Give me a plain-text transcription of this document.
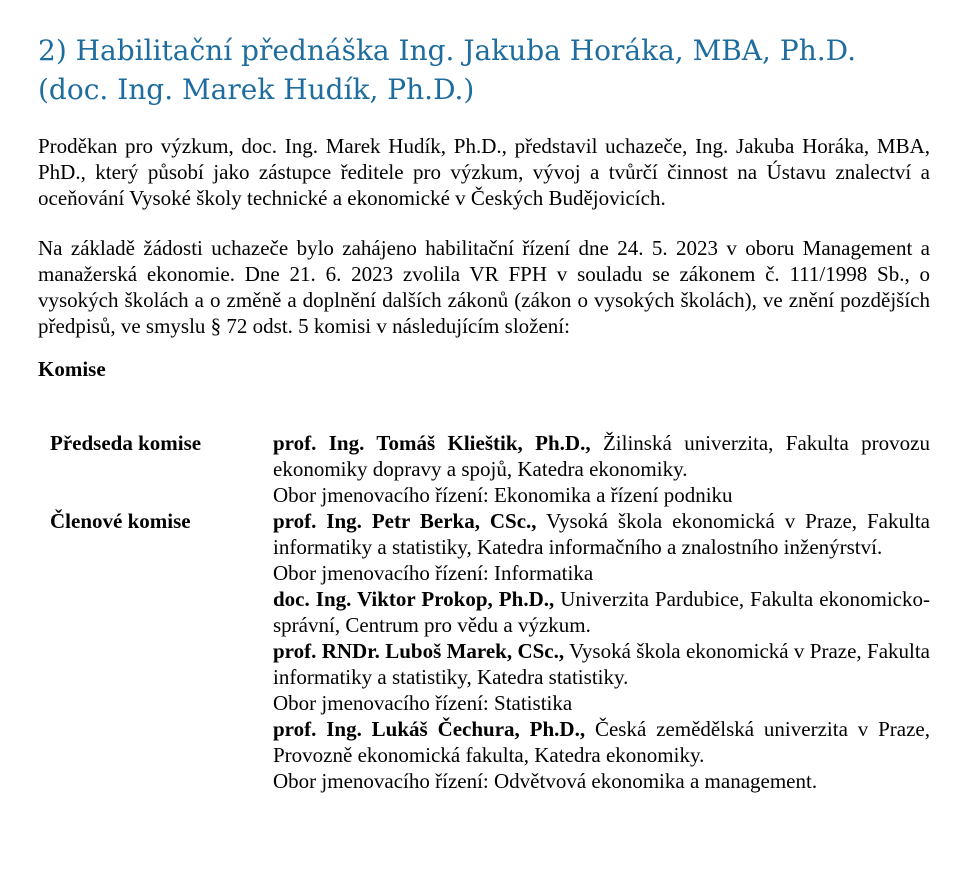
2) Habilitační přednáška Ing. Jakuba Horáka, MBA, Ph.D.
(doc. Ing. Marek Hudík, Ph.D.)

Proděkan pro výzkum, doc. Ing. Marek Hudík, Ph.D., představil uchazeče, Ing. Jakuba Horáka, MBA, PhD., který působí jako zástupce ředitele pro výzkum, vývoj a tvůrčí činnost na Ústavu znalectví a oceňování Vysoké školy technické a ekonomické v Českých Budějovicích.

Na základě žádosti uchazeče bylo zahájeno habilitační řízení dne 24. 5. 2023 v oboru Management a manažerská ekonomie. Dne 21. 6. 2023 zvolila VR FPH v souladu se zákonem č. 111/1998 Sb., o vysokých školách a o změně a doplnění dalších zákonů (zákon o vysokých školách), ve znění pozdějších předpisů, ve smyslu § 72 odst. 5 komisi v následujícím složení:

Komise
Předseda komise	prof. Ing. Tomáš Klieštik, Ph.D., Žilinská univerzita, Fakulta provozu ekonomiky dopravy a spojů, Katedra ekonomiky.

Obor jmenovacího řízení: Ekonomika a řízení podniku

Členové komise	prof. Ing. Petr Berka, CSc., Vysoká škola ekonomická v Praze, Fakulta informatiky a statistiky, Katedra informačního a znalostního inženýrství.

Obor jmenovacího řízení: Informatika

doc. Ing. Viktor Prokop, Ph.D., Univerzita Pardubice, Fakulta ekonomicko-správní, Centrum pro vědu a výzkum.

prof. RNDr. Luboš Marek, CSc., Vysoká škola ekonomická v Praze, Fakulta informatiky a statistiky, Katedra statistiky.

Obor jmenovacího řízení: Statistika

prof. Ing. Lukáš Čechura, Ph.D., Česká zemědělská univerzita v Praze, Provozně ekonomická fakulta, Katedra ekonomiky.

Obor jmenovacího řízení: Odvětvová ekonomika a management.
